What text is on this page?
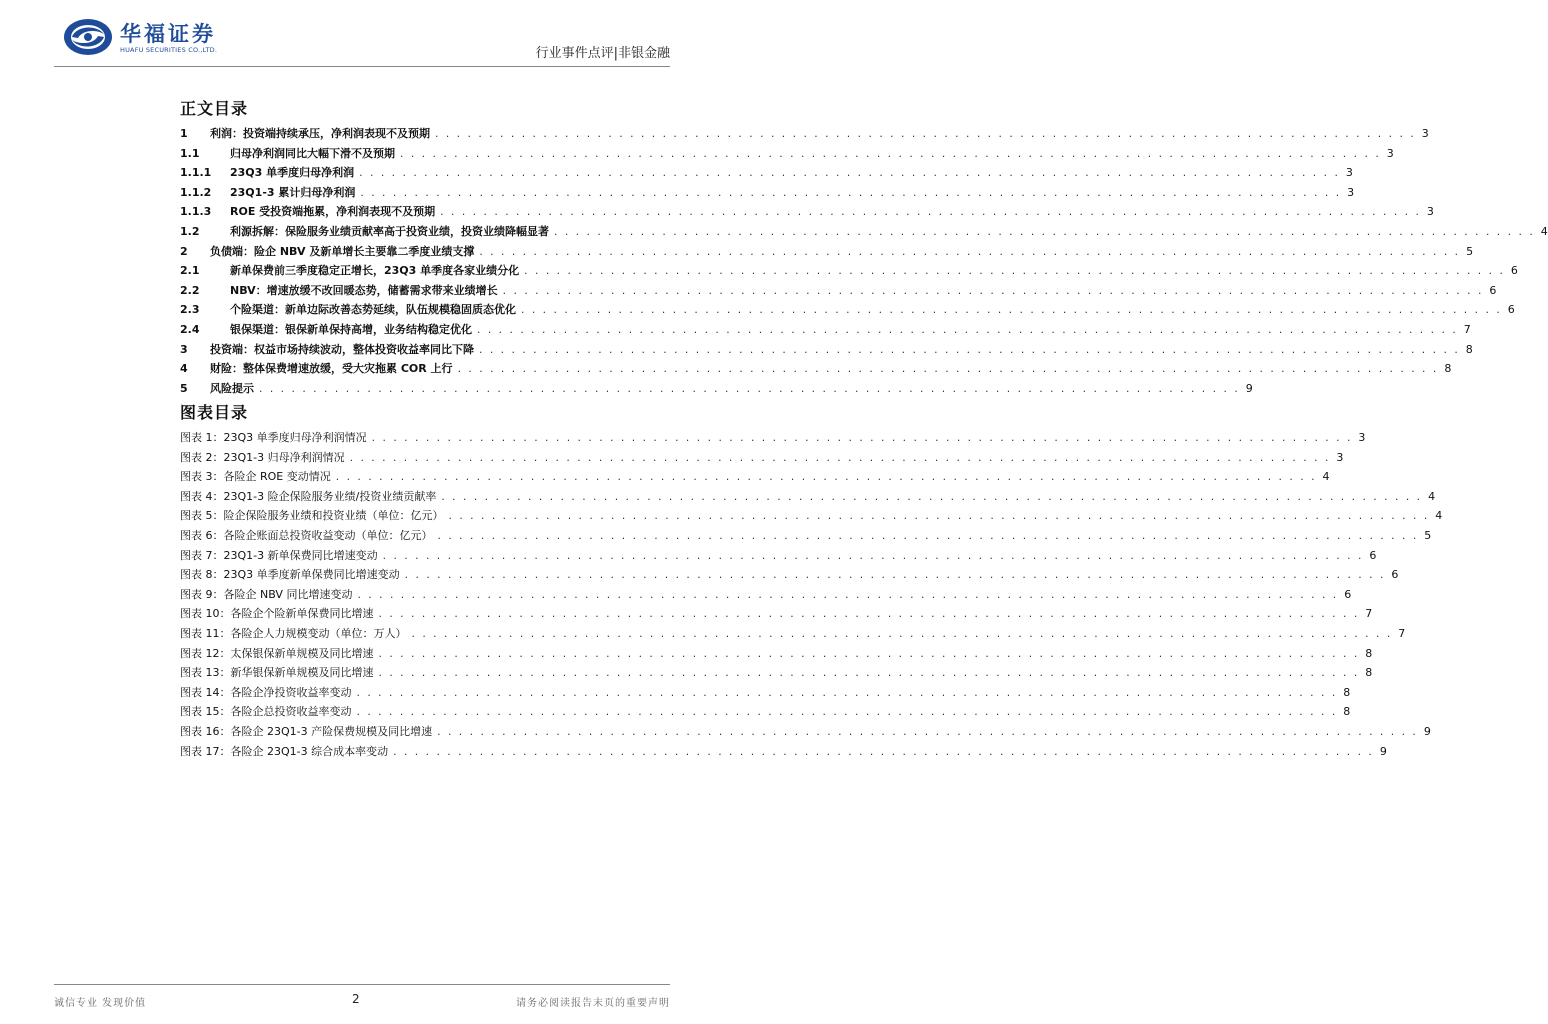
华福证券
HUAFU SECURITIES CO.,LTD.	行业事件点评|非银金融
正文目录
1	利润：投资端持续承压，净利润表现不及预期 . . .	3
1.1	归母净利润同比大幅下滑不及预期 . . .	3
1.1.1	23Q3 单季度归母净利润 . . .	3
1.1.2	23Q1-3 累计归母净利润 . . .	3
1.1.3	ROE 受投资端拖累，净利润表现不及预期 . . .	3
1.2	利源拆解：保险服务业绩贡献率高于投资业绩，投资业绩降幅显著 . . .	4
2	负债端：险企 NBV 及新单增长主要靠二季度业绩支撑 . . .	5
2.1	新单保费前三季度稳定正增长，23Q3 单季度各家业绩分化 . . .	6
2.2	NBV：增速放缓不改回暖态势，储蓄需求带来业绩增长 . . .	6
2.3	个险渠道：新单边际改善态势延续，队伍规模稳固质态优化 . . .	6
2.4	银保渠道：银保新单保持高增，业务结构稳定优化 . . .	7
3	投资端：权益市场持续波动，整体投资收益率同比下降 . . .	8
4	财险：整体保费增速放缓，受大灾拖累 COR 上行 . . .	8
5	风险提示 . . .	9
图表目录
图表 1：23Q3 单季度归母净利润情况 . . .	3
图表 2：23Q1-3 归母净利润情况 . . .	3
图表 3：各险企 ROE 变动情况 . . .	4
图表 4：23Q1-3 险企保险服务业绩/投资业绩贡献率 . . .	4
图表 5：险企保险服务业绩和投资业绩（单位：亿元） . . .	4
图表 6：各险企账面总投资收益变动（单位：亿元） . . .	5
图表 7：23Q1-3 新单保费同比增速变动 . . .	6
图表 8：23Q3 单季度新单保费同比增速变动 . . .	6
图表 9：各险企 NBV 同比增速变动 . . .	6
图表 10：各险企个险新单保费同比增速 . . .	7
图表 11：各险企人力规模变动（单位：万人） . . .	7
图表 12：太保银保新单规模及同比增速 . . .	8
图表 13：新华银保新单规模及同比增速 . . .	8
图表 14：各险企净投资收益率变动 . . .	8
图表 15：各险企总投资收益率变动 . . .	8
图表 16：各险企 23Q1-3 产险保费规模及同比增速 . . .	9
图表 17：各险企 23Q1-3 综合成本率变动 . . .	9
诚信专业 发现价值	2	请务必阅读报告末页的重要声明
